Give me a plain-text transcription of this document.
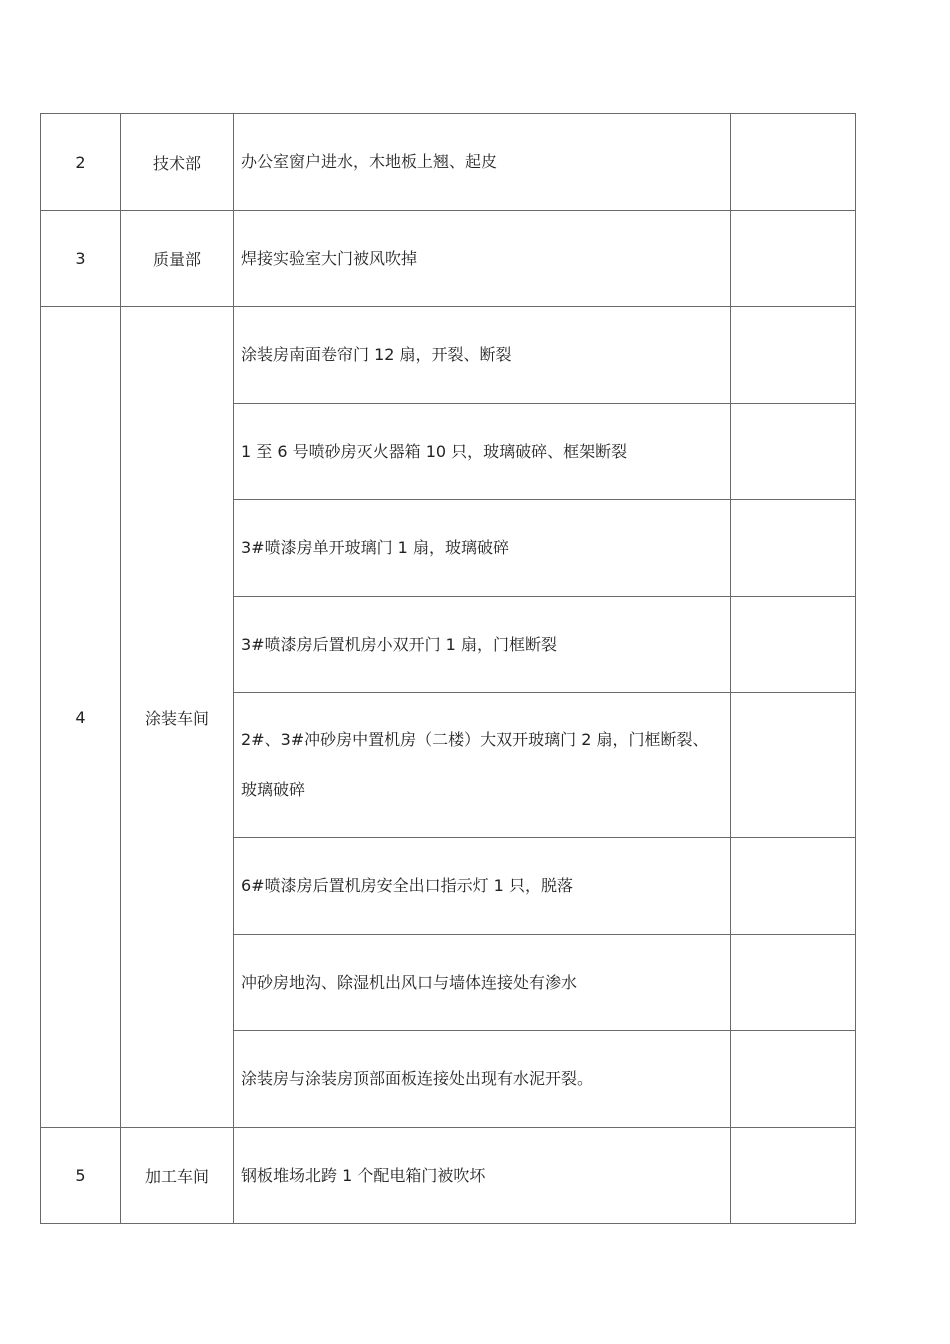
2	技术部	办公室窗户进水，木地板上翘、起皮	
3	质量部	焊接实验室大门被风吹掉	
4	涂装车间	涂装房南面卷帘门 12 扇，开裂、断裂	
		1 至 6 号喷砂房灭火器箱 10 只，玻璃破碎、框架断裂	
		3#喷漆房单开玻璃门 1 扇，玻璃破碎	
		3#喷漆房后置机房小双开门 1 扇，门框断裂	
		2#、3#冲砂房中置机房（二楼）大双开玻璃门 2 扇，门框断裂、玻璃破碎	
		6#喷漆房后置机房安全出口指示灯 1 只，脱落	
		冲砂房地沟、除湿机出风口与墙体连接处有渗水	
		涂装房与涂装房顶部面板连接处出现有水泥开裂。	
5	加工车间	钢板堆场北跨 1 个配电箱门被吹坏	
